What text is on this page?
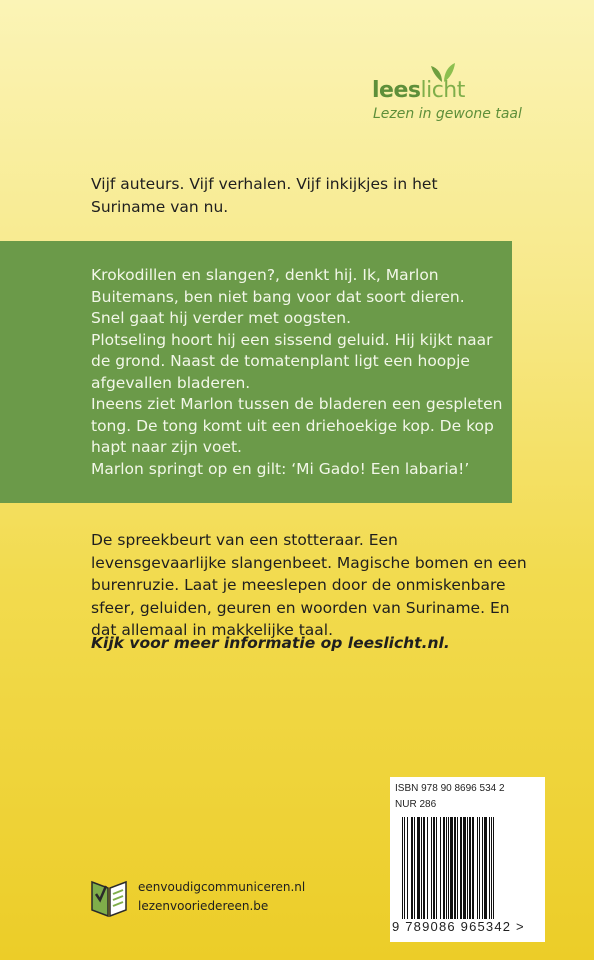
leeslicht
Lezen in gewone taal

Vijf auteurs. Vijf verhalen. Vijf inkijkjes in het Suriname van nu.

Krokodillen en slangen?, denkt hij. Ik, Marlon Buitemans, ben niet bang voor dat soort dieren.
Snel gaat hij verder met oogsten.
Plotseling hoort hij een sissend geluid. Hij kijkt naar de grond. Naast de tomatenplant ligt een hoopje afgevallen bladeren.
Ineens ziet Marlon tussen de bladeren een gespleten tong. De tong komt uit een driehoekige kop. De kop hapt naar zijn voet.
Marlon springt op en gilt: ‘Mi Gado! Een labaria!’

De spreekbeurt van een stotteraar. Een levensgevaarlijke slangenbeet. Magische bomen en een burenruzie. Laat je meeslepen door de onmiskenbare sfeer, geluiden, geuren en woorden van Suriname. En dat allemaal in makkelijke taal.

Kijk voor meer informatie op leeslicht.nl.

eenvoudigcommuniceren.nl
lezenvooriedereen.be
ISBN 978 90 8696 534 2
NUR 286
9 789086 965342 >
